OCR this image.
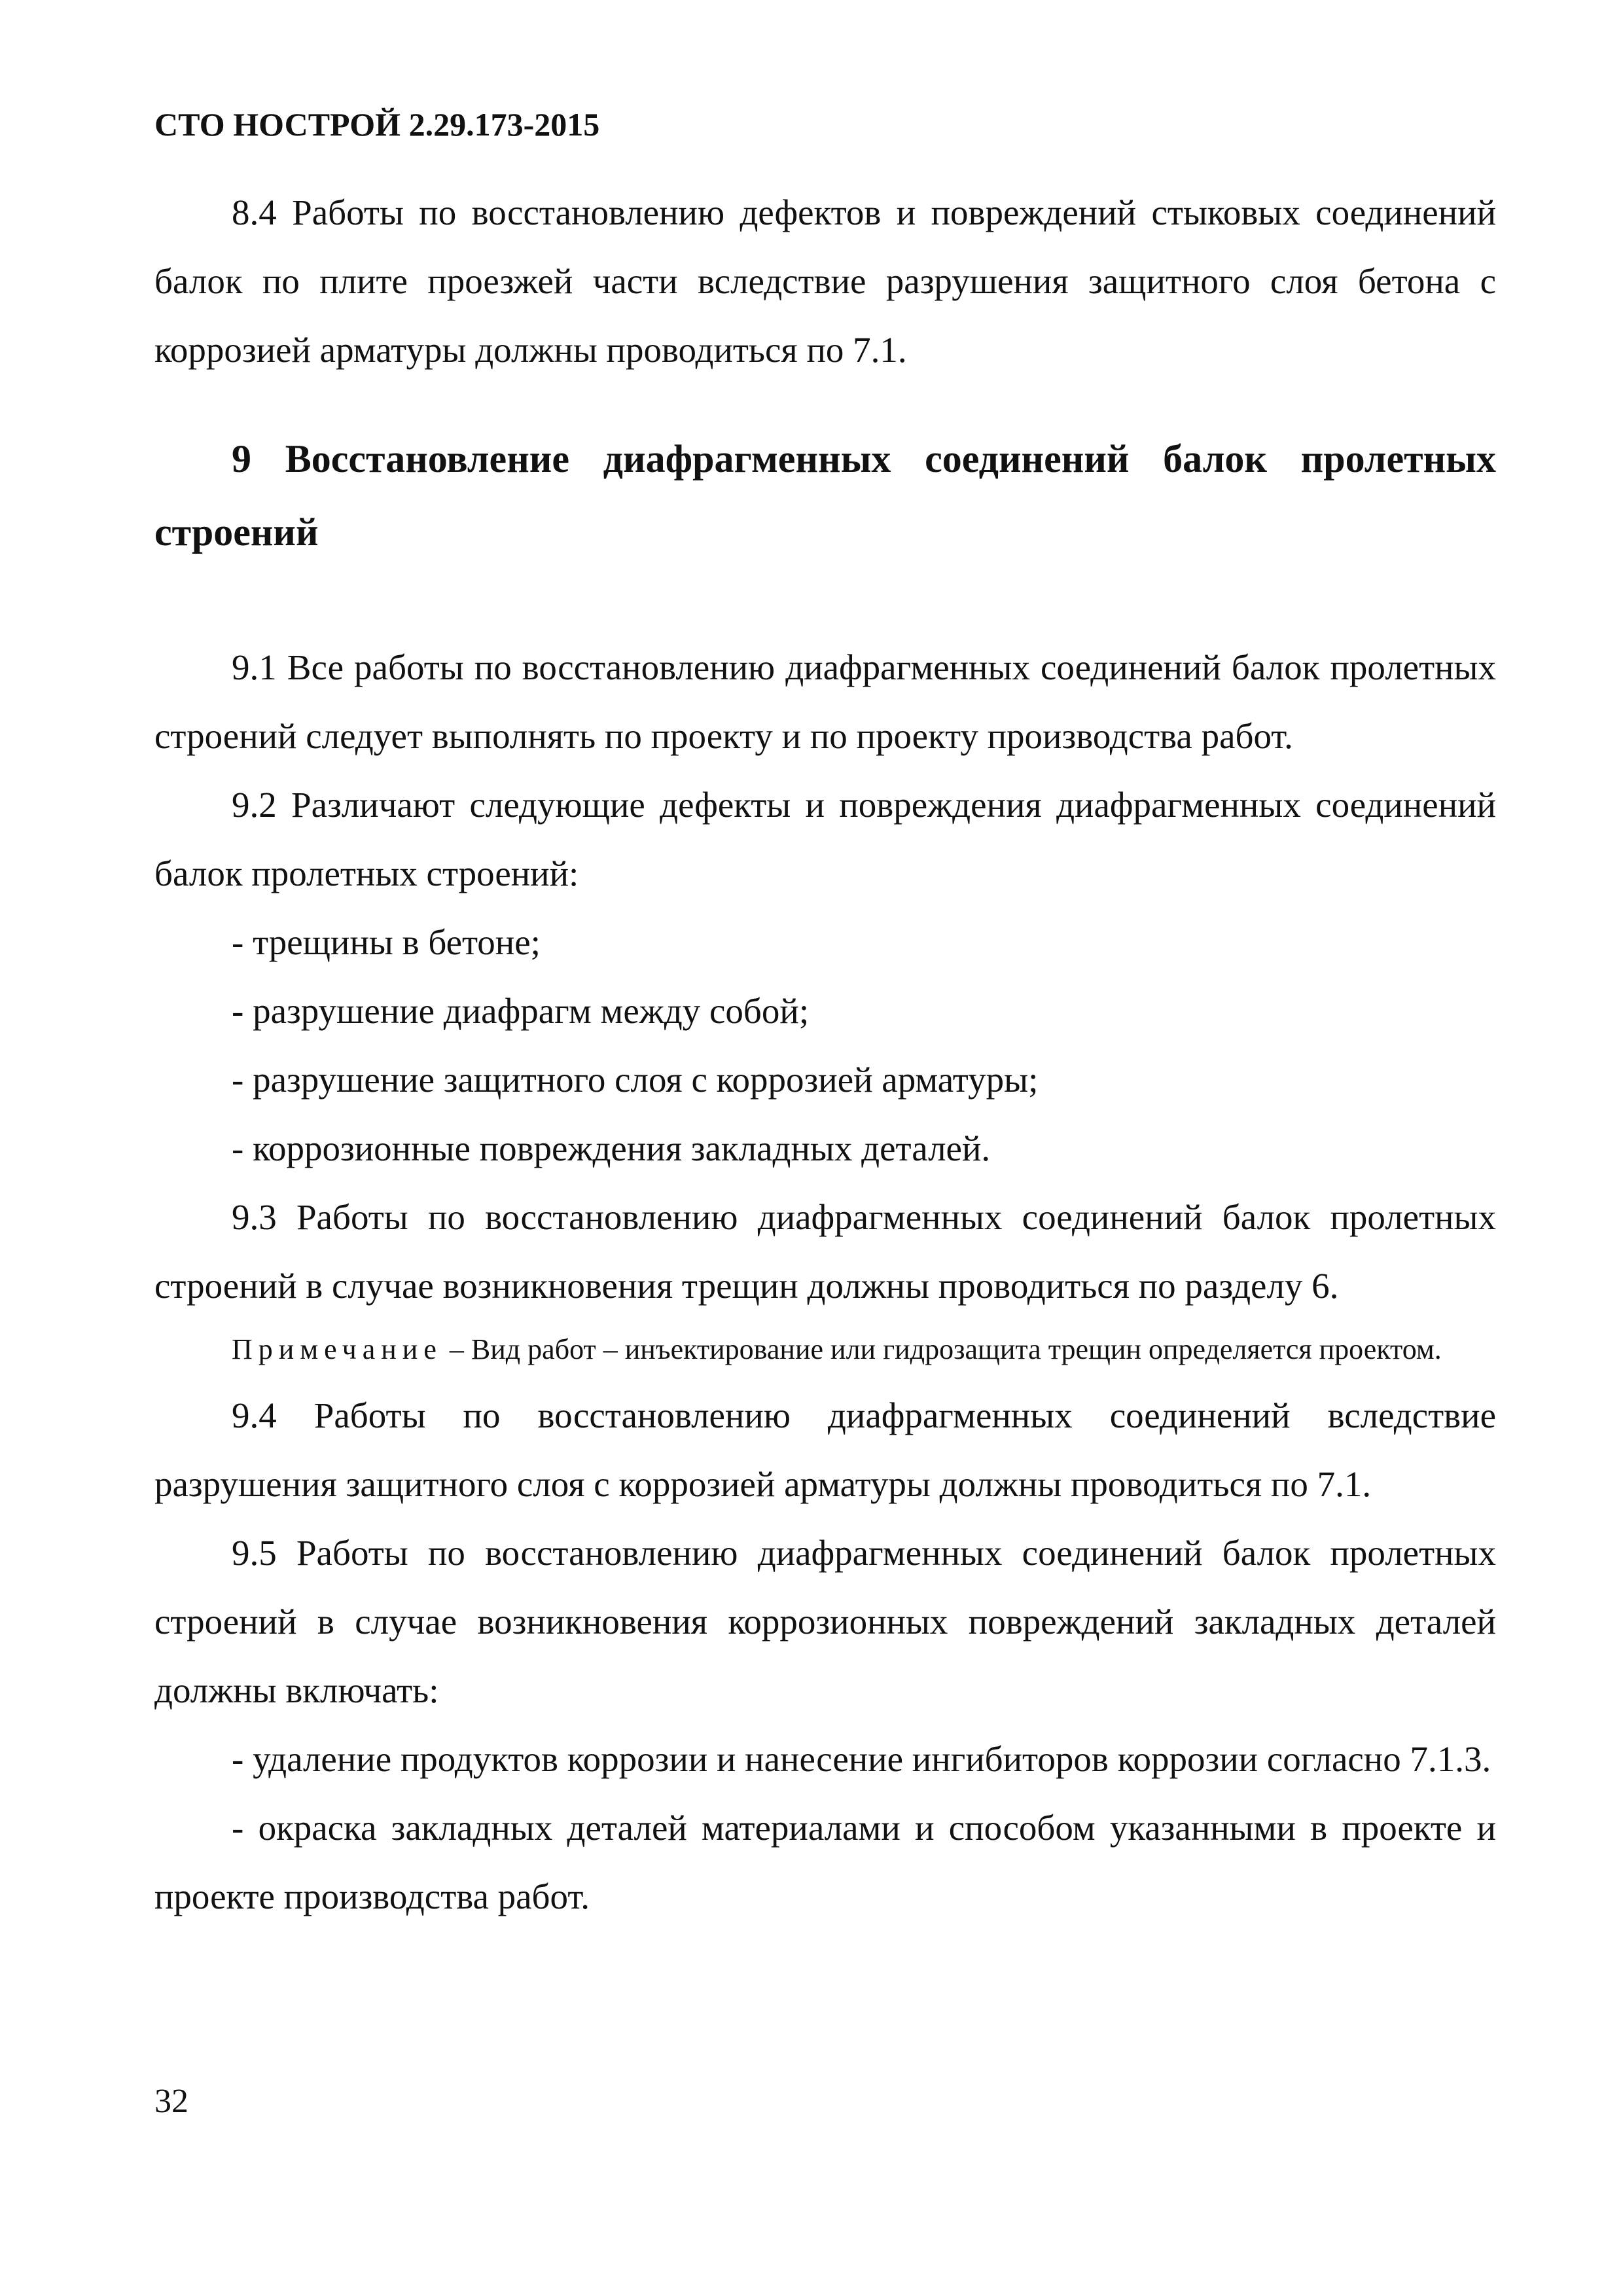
СТО НОСТРОЙ 2.29.173-2015

8.4 Работы по восстановлению дефектов и повреждений стыковых соединений балок по плите проезжей части вследствие разрушения защитного слоя бетона с коррозией арматуры должны проводиться по 7.1.

9 Восстановление диафрагменных соединений балок пролетных строений

9.1 Все работы по восстановлению диафрагменных соединений балок пролетных строений следует выполнять по проекту и по проекту производства работ.

9.2 Различают следующие дефекты и повреждения диафрагменных соединений балок пролетных строений:

- трещины в бетоне;

- разрушение диафрагм между собой;

- разрушение защитного слоя с коррозией арматуры;

- коррозионные повреждения закладных деталей.

9.3 Работы по восстановлению диафрагменных соединений балок пролетных строений в случае возникновения трещин должны проводиться по разделу 6.

Примечание – Вид работ – инъектирование или гидрозащита трещин определяется проектом.

9.4 Работы по восстановлению диафрагменных соединений вследствие разрушения защитного слоя с коррозией арматуры должны проводиться по 7.1.

9.5 Работы по восстановлению диафрагменных соединений балок пролетных строений в случае возникновения коррозионных повреждений закладных деталей должны включать:

- удаление продуктов коррозии и нанесение ингибиторов коррозии согласно 7.1.3.

- окраска закладных деталей материалами и способом указанными в проекте и проекте производства работ.

32
